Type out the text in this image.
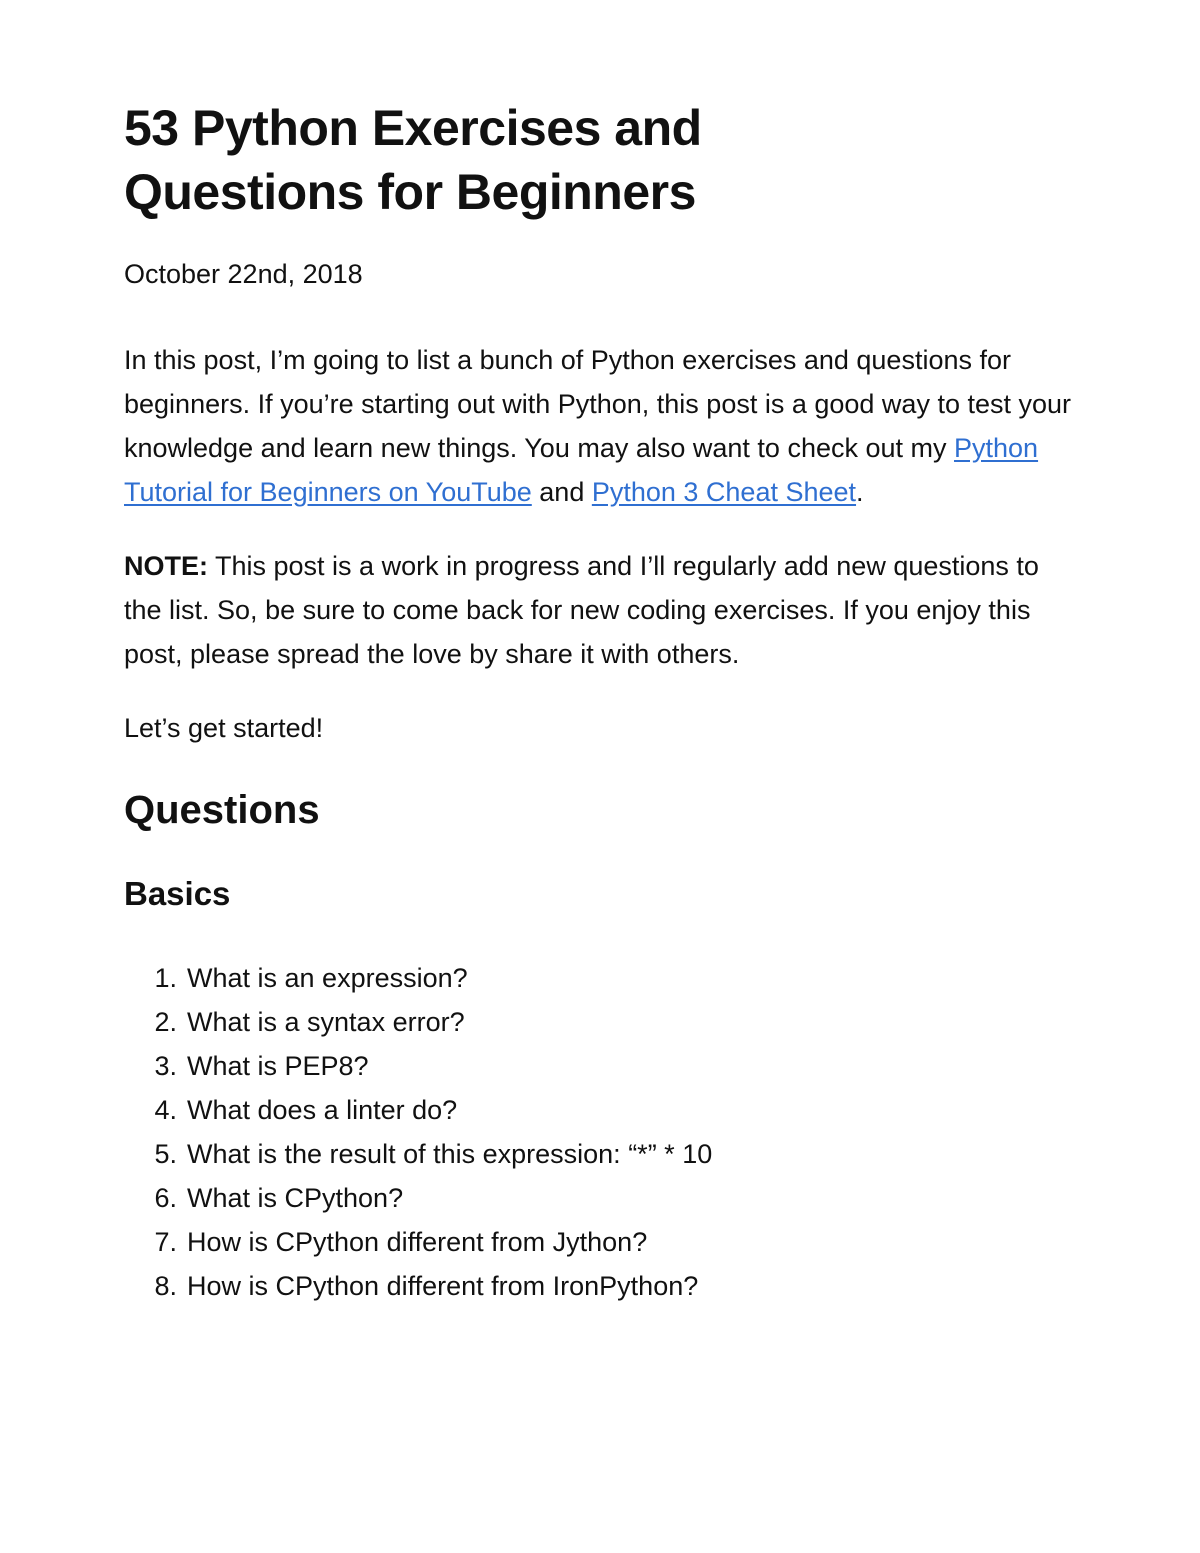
53 Python Exercises and
Questions for Beginners

October 22nd, 2018

In this post, I’m going to list a bunch of Python exercises and questions for beginners. If you’re starting out with Python, this post is a good way to test your knowledge and learn new things. You may also want to check out my Python Tutorial for Beginners on YouTube and Python 3 Cheat Sheet.

NOTE: This post is a work in progress and I’ll regularly add new questions to the list. So, be sure to come back for new coding exercises. If you enjoy this post, please spread the love by share it with others.

Let’s get started!

Questions
Basics
1. What is an expression?
2. What is a syntax error?
3. What is PEP8?
4. What does a linter do?
5. What is the result of this expression: “*” * 10
6. What is CPython?
7. How is CPython different from Jython?
8. How is CPython different from IronPython?
